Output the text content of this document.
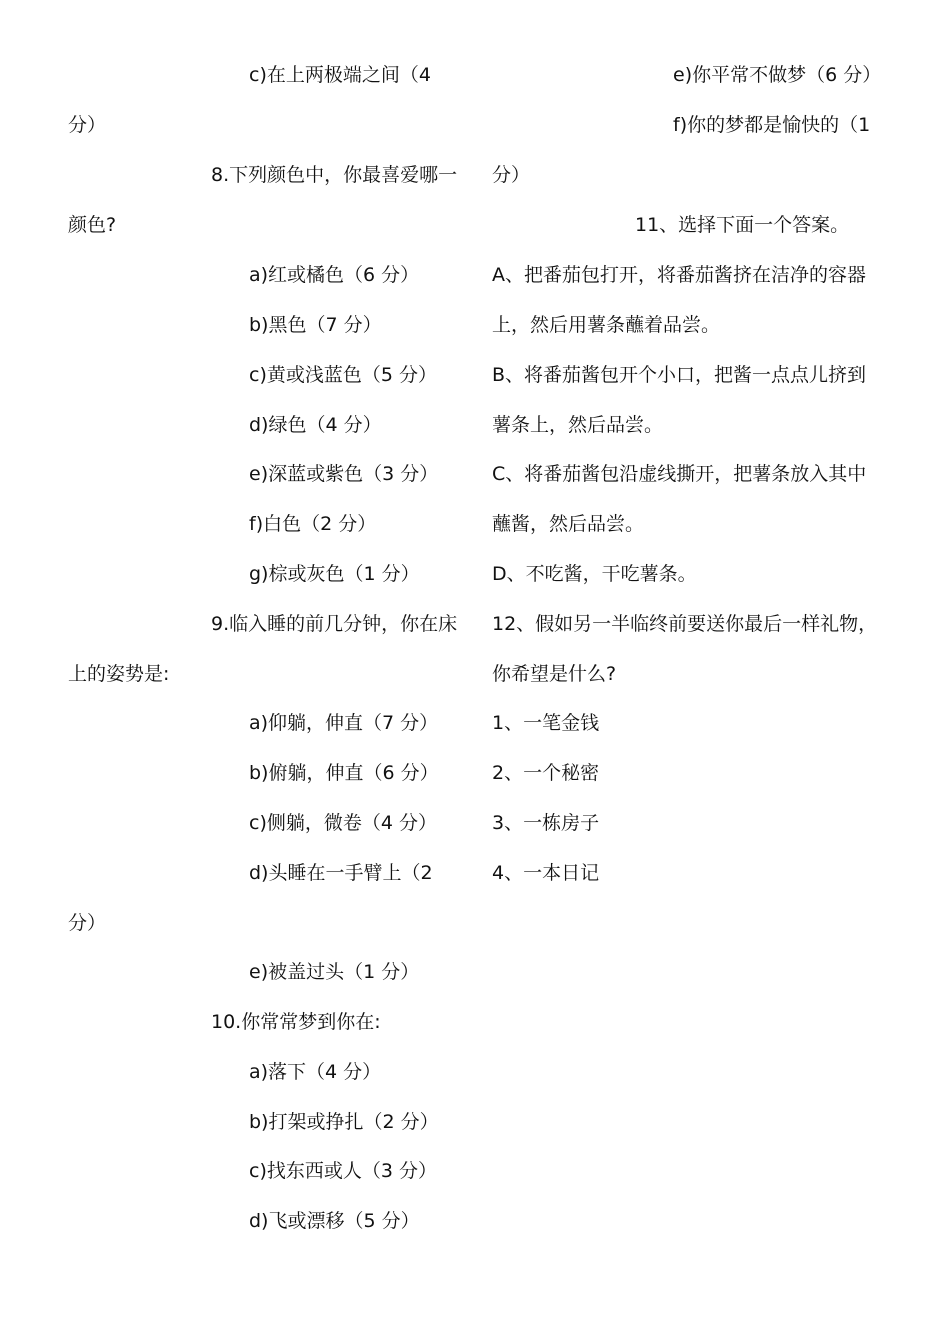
c)在上两极端之间（4
分）
8.下列颜色中，你最喜爱哪一
颜色?
a)红或橘色（6 分）
b)黑色（7 分）
c)黄或浅蓝色（5 分）
d)绿色（4 分）
e)深蓝或紫色（3 分）
f)白色（2 分）
g)棕或灰色（1 分）
9.临入睡的前几分钟，你在床
上的姿势是:
a)仰躺，伸直（7 分）
b)俯躺，伸直（6 分）
c)侧躺，微卷（4 分）
d)头睡在一手臂上（2
分）
e)被盖过头（1 分）
10.你常常梦到你在:
a)落下（4 分）
b)打架或挣扎（2 分）
c)找东西或人（3 分）
d)飞或漂移（5 分）
e)你平常不做梦（6 分）
f)你的梦都是愉快的（1
分）
11、选择下面一个答案。
A、把番茄包打开，将番茄酱挤在洁净的容器
上，然后用薯条蘸着品尝。
B、将番茄酱包开个小口，把酱一点点儿挤到
薯条上，然后品尝。
C、将番茄酱包沿虚线撕开，把薯条放入其中
蘸酱，然后品尝。
D、不吃酱，干吃薯条。
12、假如另一半临终前要送你最后一样礼物，
你希望是什么?
1、一笔金钱
2、一个秘密
3、一栋房子
4、一本日记
